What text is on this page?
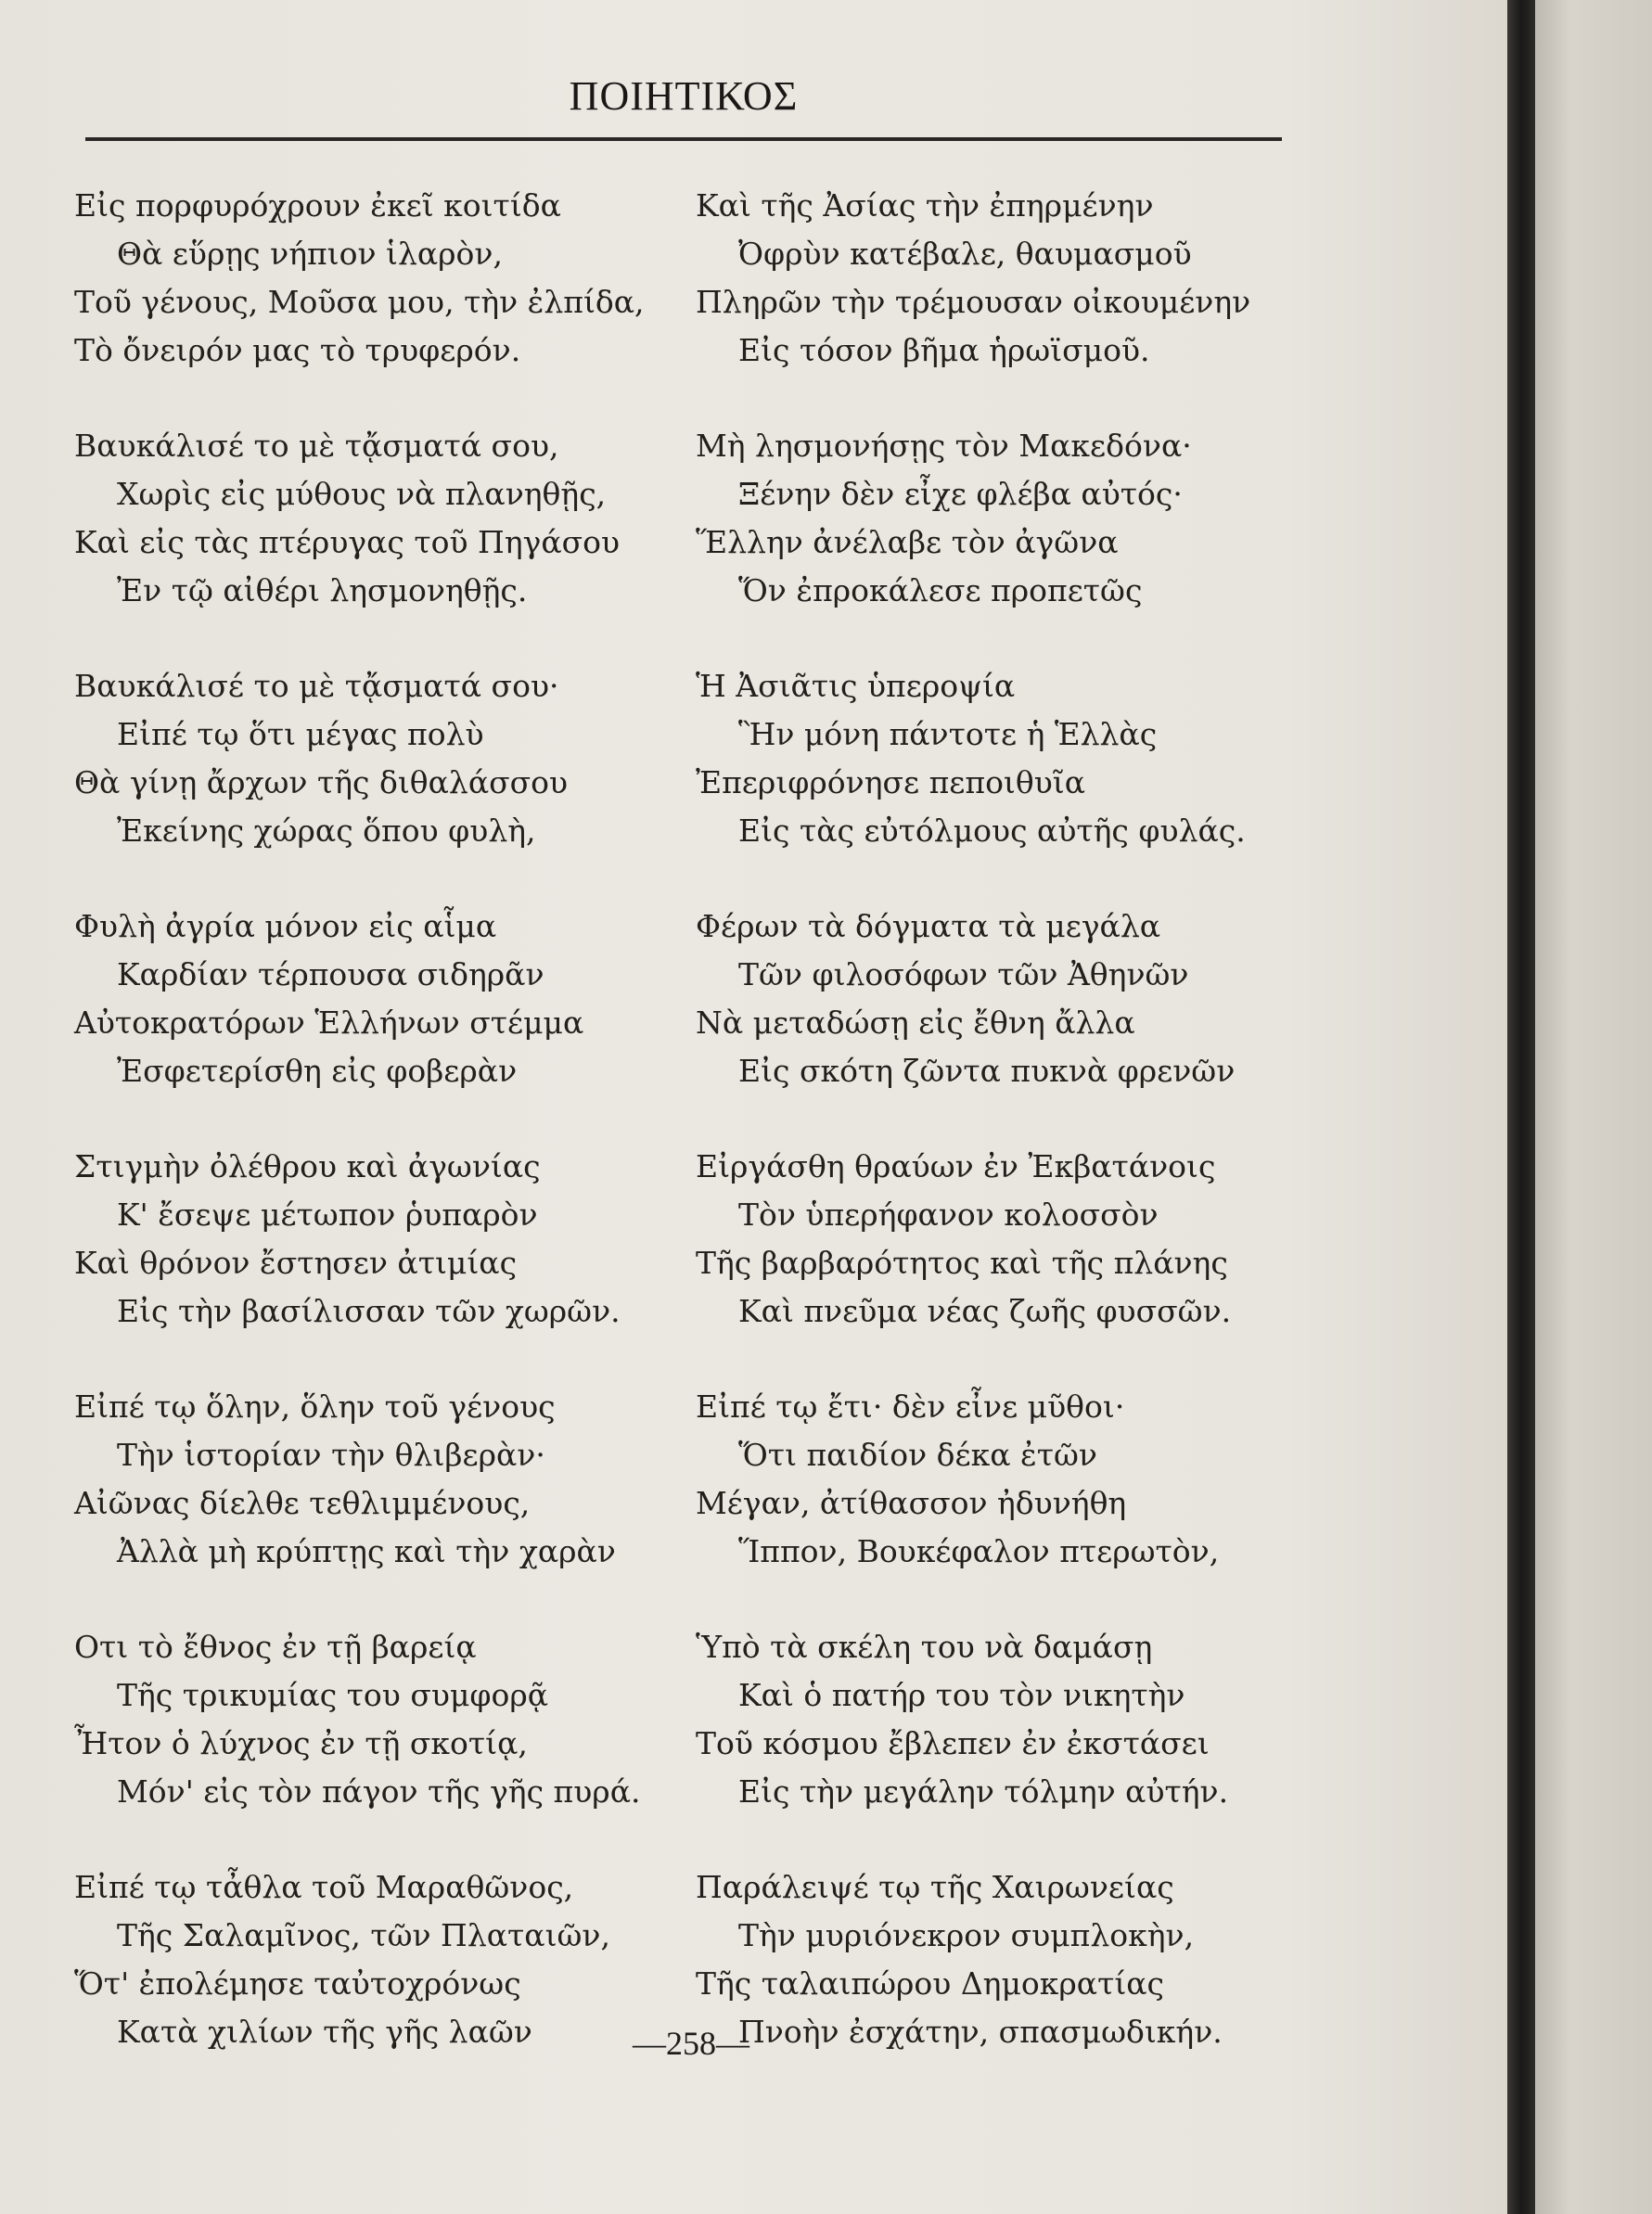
ΠΟΙΗΤΙΚΟΣ
Εἰς πορφυρόχρουν ἐκεῖ κοιτίδα
Θὰ εὕρῃς νήπιον ἱλαρὸν,
Τοῦ γένους, Μοῦσα μου, τὴν ἐλπίδα,
Τὸ ὄνειρόν μας τὸ τρυφερόν.
Βαυκάλισέ το μὲ τᾄσματά σου,
Χωρὶς εἰς μύθους νὰ πλανηθῇς,
Καὶ εἰς τὰς πτέρυγας τοῦ Πηγάσου
Ἐν τῷ αἰθέρι λησμονηθῇς.
Βαυκάλισέ το μὲ τᾄσματά σου·
Εἰπέ τῳ ὅτι μέγας πολὺ
Θὰ γίνῃ ἄρχων τῆς διθαλάσσου
Ἐκείνης χώρας ὅπου φυλὴ,
Φυλὴ ἀγρία μόνον εἰς αἷμα
Καρδίαν τέρπουσα σιδηρᾶν
Αὐτοκρατόρων Ἑλλήνων στέμμα
Ἐσφετερίσθη εἰς φοβερὰν
Στιγμὴν ὀλέθρου καὶ ἀγωνίας
Κ' ἔσεψε μέτωπον ῥυπαρὸν
Καὶ θρόνον ἔστησεν ἀτιμίας
Εἰς τὴν βασίλισσαν τῶν χωρῶν.
Εἰπέ τῳ ὅλην, ὅλην τοῦ γένους
Τὴν ἱστορίαν τὴν θλιβερὰν·
Αἰῶνας δίελθε τεθλιμμένους,
Ἀλλὰ μὴ κρύπτῃς καὶ τὴν χαρὰν
Οτι τὸ ἔθνος ἐν τῇ βαρείᾳ
Τῆς τρικυμίας του συμφορᾷ
Ἦτον ὁ λύχνος ἐν τῇ σκοτίᾳ,
Μόν' εἰς τὸν πάγον τῆς γῆς πυρά.
Εἰπέ τῳ τἆθλα τοῦ Μαραθῶνος,
Τῆς Σαλαμῖνος, τῶν Πλαταιῶν,
Ὅτ' ἐπολέμησε ταὐτοχρόνως
Κατὰ χιλίων τῆς γῆς λαῶν
Καὶ τῆς Ἀσίας τὴν ἐπηρμένην
Ὀφρὺν κατέβαλε, θαυμασμοῦ
Πληρῶν τὴν τρέμουσαν οἰκουμένην
Εἰς τόσον βῆμα ἡρωϊσμοῦ.
Μὴ λησμονήσῃς τὸν Μακεδόνα·
Ξένην δὲν εἶχε φλέβα αὐτός·
Ἕλλην ἀνέλαβε τὸν ἀγῶνα
Ὅν ἐπροκάλεσε προπετῶς
Ἡ Ἀσιᾶτις ὑπεροψία
Ἣν μόνη πάντοτε ἡ Ἑλλὰς
Ἐπεριφρόνησε πεποιθυῖα
Εἰς τὰς εὐτόλμους αὐτῆς φυλάς.
Φέρων τὰ δόγματα τὰ μεγάλα
Τῶν φιλοσόφων τῶν Ἀθηνῶν
Νὰ μεταδώσῃ εἰς ἔθνη ἄλλα
Εἰς σκότη ζῶντα πυκνὰ φρενῶν
Εἰργάσθη θραύων ἐν Ἐκβατάνοις
Τὸν ὑπερήφανον κολοσσὸν
Τῆς βαρβαρότητος καὶ τῆς πλάνης
Καὶ πνεῦμα νέας ζωῆς φυσσῶν.
Εἰπέ τῳ ἔτι· δὲν εἶνε μῦθοι·
Ὅτι παιδίον δέκα ἐτῶν
Μέγαν, ἀτίθασσον ἠδυνήθη
Ἵππον, Βουκέφαλον πτερωτὸν,
Ὑπὸ τὰ σκέλη του νὰ δαμάσῃ
Καὶ ὁ πατήρ του τὸν νικητὴν
Τοῦ κόσμου ἔβλεπεν ἐν ἐκστάσει
Εἰς τὴν μεγάλην τόλμην αὐτήν.
Παράλειψέ τῳ τῆς Χαιρωνείας
Τὴν μυριόνεκρον συμπλοκὴν,
Τῆς ταλαιπώρου Δημοκρατίας
Πνοὴν ἐσχάτην, σπασμωδικήν.
—258—
